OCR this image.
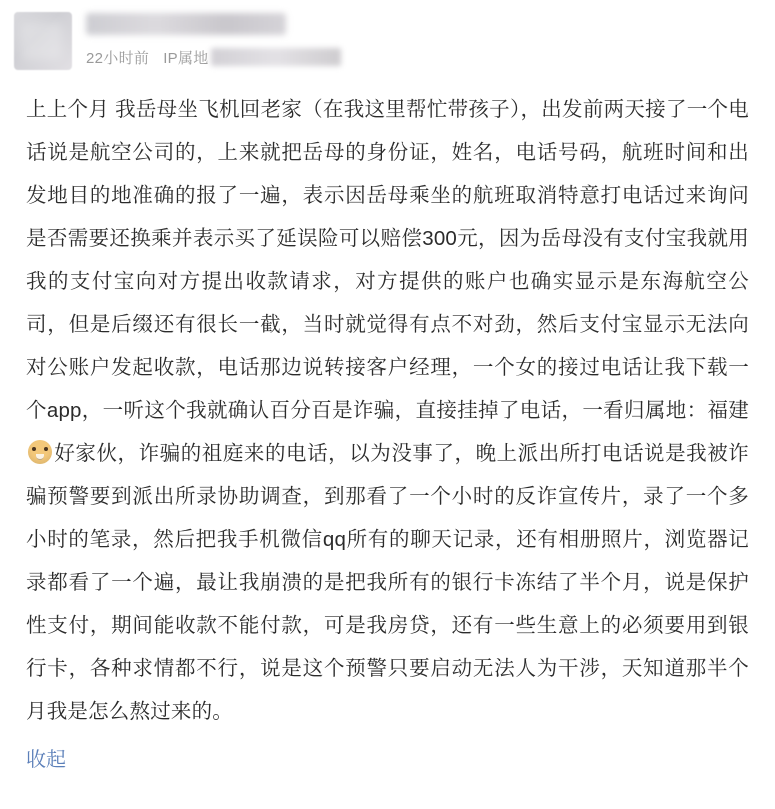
22小时前 IP属地
上上个月 我岳母坐飞机回老家（在我这里帮忙带孩子），出发前两天接了一个电话说是航空公司的，上来就把岳母的身份证，姓名，电话号码，航班时间和出发地目的地准确的报了一遍，表示因岳母乘坐的航班取消特意打电话过来询问是否需要还换乘并表示买了延误险可以赔偿300元，因为岳母没有支付宝我就用我的支付宝向对方提出收款请求，对方提供的账户也确实显示是东海航空公司，但是后缀还有很长一截，当时就觉得有点不对劲，然后支付宝显示无法向对公账户发起收款，电话那边说转接客户经理，一个女的接过电话让我下载一个app，一听这个我就确认百分百是诈骗，直接挂掉了电话，一看归属地：福建好家伙，诈骗的祖庭来的电话，以为没事了，晚上派出所打电话说是我被诈骗预警要到派出所录协助调查，到那看了一个小时的反诈宣传片，录了一个多小时的笔录，然后把我手机微信qq所有的聊天记录，还有相册照片，浏览器记录都看了一个遍，最让我崩溃的是把我所有的银行卡冻结了半个月，说是保护性支付，期间能收款不能付款，可是我房贷，还有一些生意上的必须要用到银行卡，各种求情都不行，说是这个预警只要启动无法人为干涉，天知道那半个月我是怎么熬过来的。
收起
